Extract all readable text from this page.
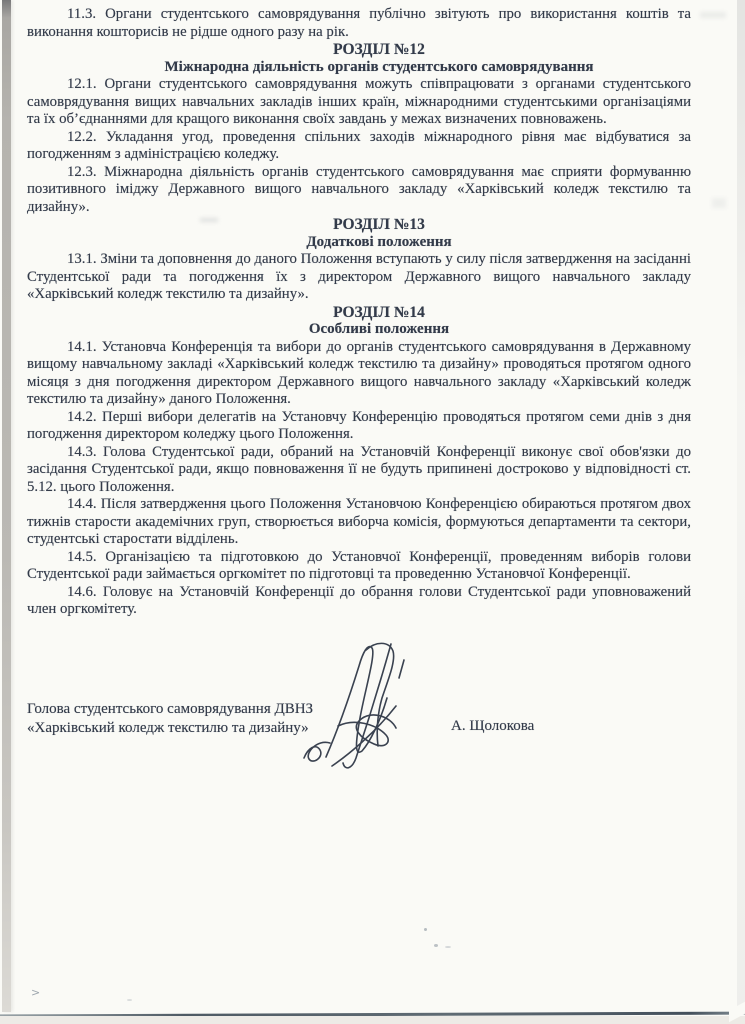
11.3. Органи студентського самоврядування публічно звітують про використання коштів та виконання кошторисів не рідше одного разу на рік.

РОЗДІЛ №12

Міжнародна діяльність органів студентського самоврядування

12.1. Органи студентського самоврядування можуть співпрацювати з органами студентського самоврядування вищих навчальних закладів інших країн, міжнародними студентськими організаціями та їх об’єднаннями для кращого виконання своїх завдань у межах визначених повноважень.

12.2. Укладання угод, проведення спільних заходів міжнародного рівня має відбуватися за погодженням з адміністрацією коледжу.

12.3. Міжнародна діяльність органів студентського самоврядування має сприяти формуванню позитивного іміджу Державного вищого навчального закладу «Харківський коледж текстилю та дизайну».

РОЗДІЛ №13

Додаткові положення

13.1. Зміни та доповнення до даного Положення вступають у силу після затвердження на засіданні Студентської ради та погодження їх з директором Державного вищого навчального закладу «Харківський коледж текстилю та дизайну».

РОЗДІЛ №14

Особливі положення

14.1. Установча Конференція та вибори до органів студентського самоврядування в Державному вищому навчальному закладі «Харківський коледж текстилю та дизайну» проводяться протягом одного місяця з дня погодження директором Державного вищого навчального закладу «Харківський коледж текстилю та дизайну» даного Положення.

14.2. Перші вибори делегатів на Установчу Конференцію проводяться протягом семи днів з дня погодження директором коледжу цього Положення.

14.3. Голова Студентської ради, обраний на Установчій Конференції виконує свої обов'язки до засідання Студентської ради, якщо повноваження її не будуть припинені достроково у відповідності ст. 5.12. цього Положення.

14.4. Після затвердження цього Положення Установчою Конференцією обираються протягом двох тижнів старости академічних груп, створюється виборча комісія, формуються департаменти та сектори, студентські старостати відділень.

14.5. Організацією та підготовкою до Установчої Конференції, проведенням виборів голови Студентської ради займається оргкомітет по підготовці та проведенню Установчої Конференції.

14.6. Головує на Установчій Конференції до обрання голови Студентської ради уповноважений член оргкомітету.

Голова студентського самоврядування ДВНЗ
«Харківський коледж текстилю та дизайну»	А. Щолокова
>
